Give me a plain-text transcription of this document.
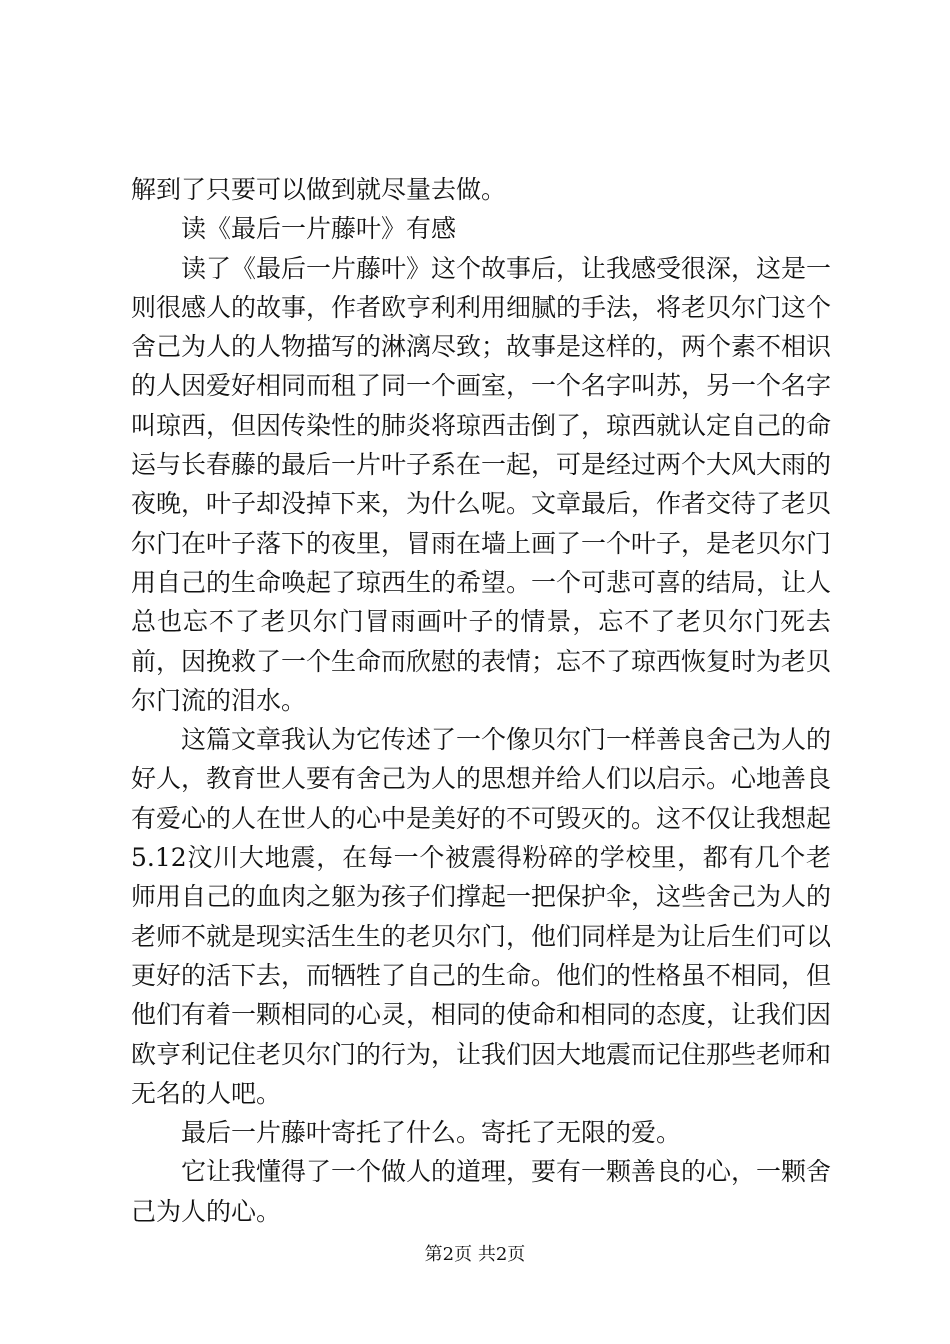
解到了只要可以做到就尽量去做。

读《最后一片藤叶》有感

读了《最后一片藤叶》这个故事后，让我感受很深，这是一则很感人的故事，作者欧亨利利用细腻的手法，将老贝尔门这个舍己为人的人物描写的淋漓尽致；故事是这样的，两个素不相识的人因爱好相同而租了同一个画室，一个名字叫苏，另一个名字叫琼西，但因传染性的肺炎将琼西击倒了，琼西就认定自己的命运与长春藤的最后一片叶子系在一起，可是经过两个大风大雨的夜晚，叶子却没掉下来，为什么呢。文章最后，作者交待了老贝尔门在叶子落下的夜里，冒雨在墙上画了一个叶子，是老贝尔门用自己的生命唤起了琼西生的希望。一个可悲可喜的结局，让人总也忘不了老贝尔门冒雨画叶子的情景，忘不了老贝尔门死去前，因挽救了一个生命而欣慰的表情；忘不了琼西恢复时为老贝尔门流的泪水。

这篇文章我认为它传述了一个像贝尔门一样善良舍己为人的好人，教育世人要有舍己为人的思想并给人们以启示。心地善良有爱心的人在世人的心中是美好的不可毁灭的。这不仅让我想起5.12汶川大地震，在每一个被震得粉碎的学校里，都有几个老师用自己的血肉之躯为孩子们撑起一把保护伞，这些舍己为人的老师不就是现实活生生的老贝尔门，他们同样是为让后生们可以更好的活下去，而牺牲了自己的生命。他们的性格虽不相同，但他们有着一颗相同的心灵，相同的使命和相同的态度，让我们因欧亨利记住老贝尔门的行为，让我们因大地震而记住那些老师和无名的人吧。

最后一片藤叶寄托了什么。寄托了无限的爱。

它让我懂得了一个做人的道理，要有一颗善良的心，一颗舍己为人的心。

第2页 共2页
